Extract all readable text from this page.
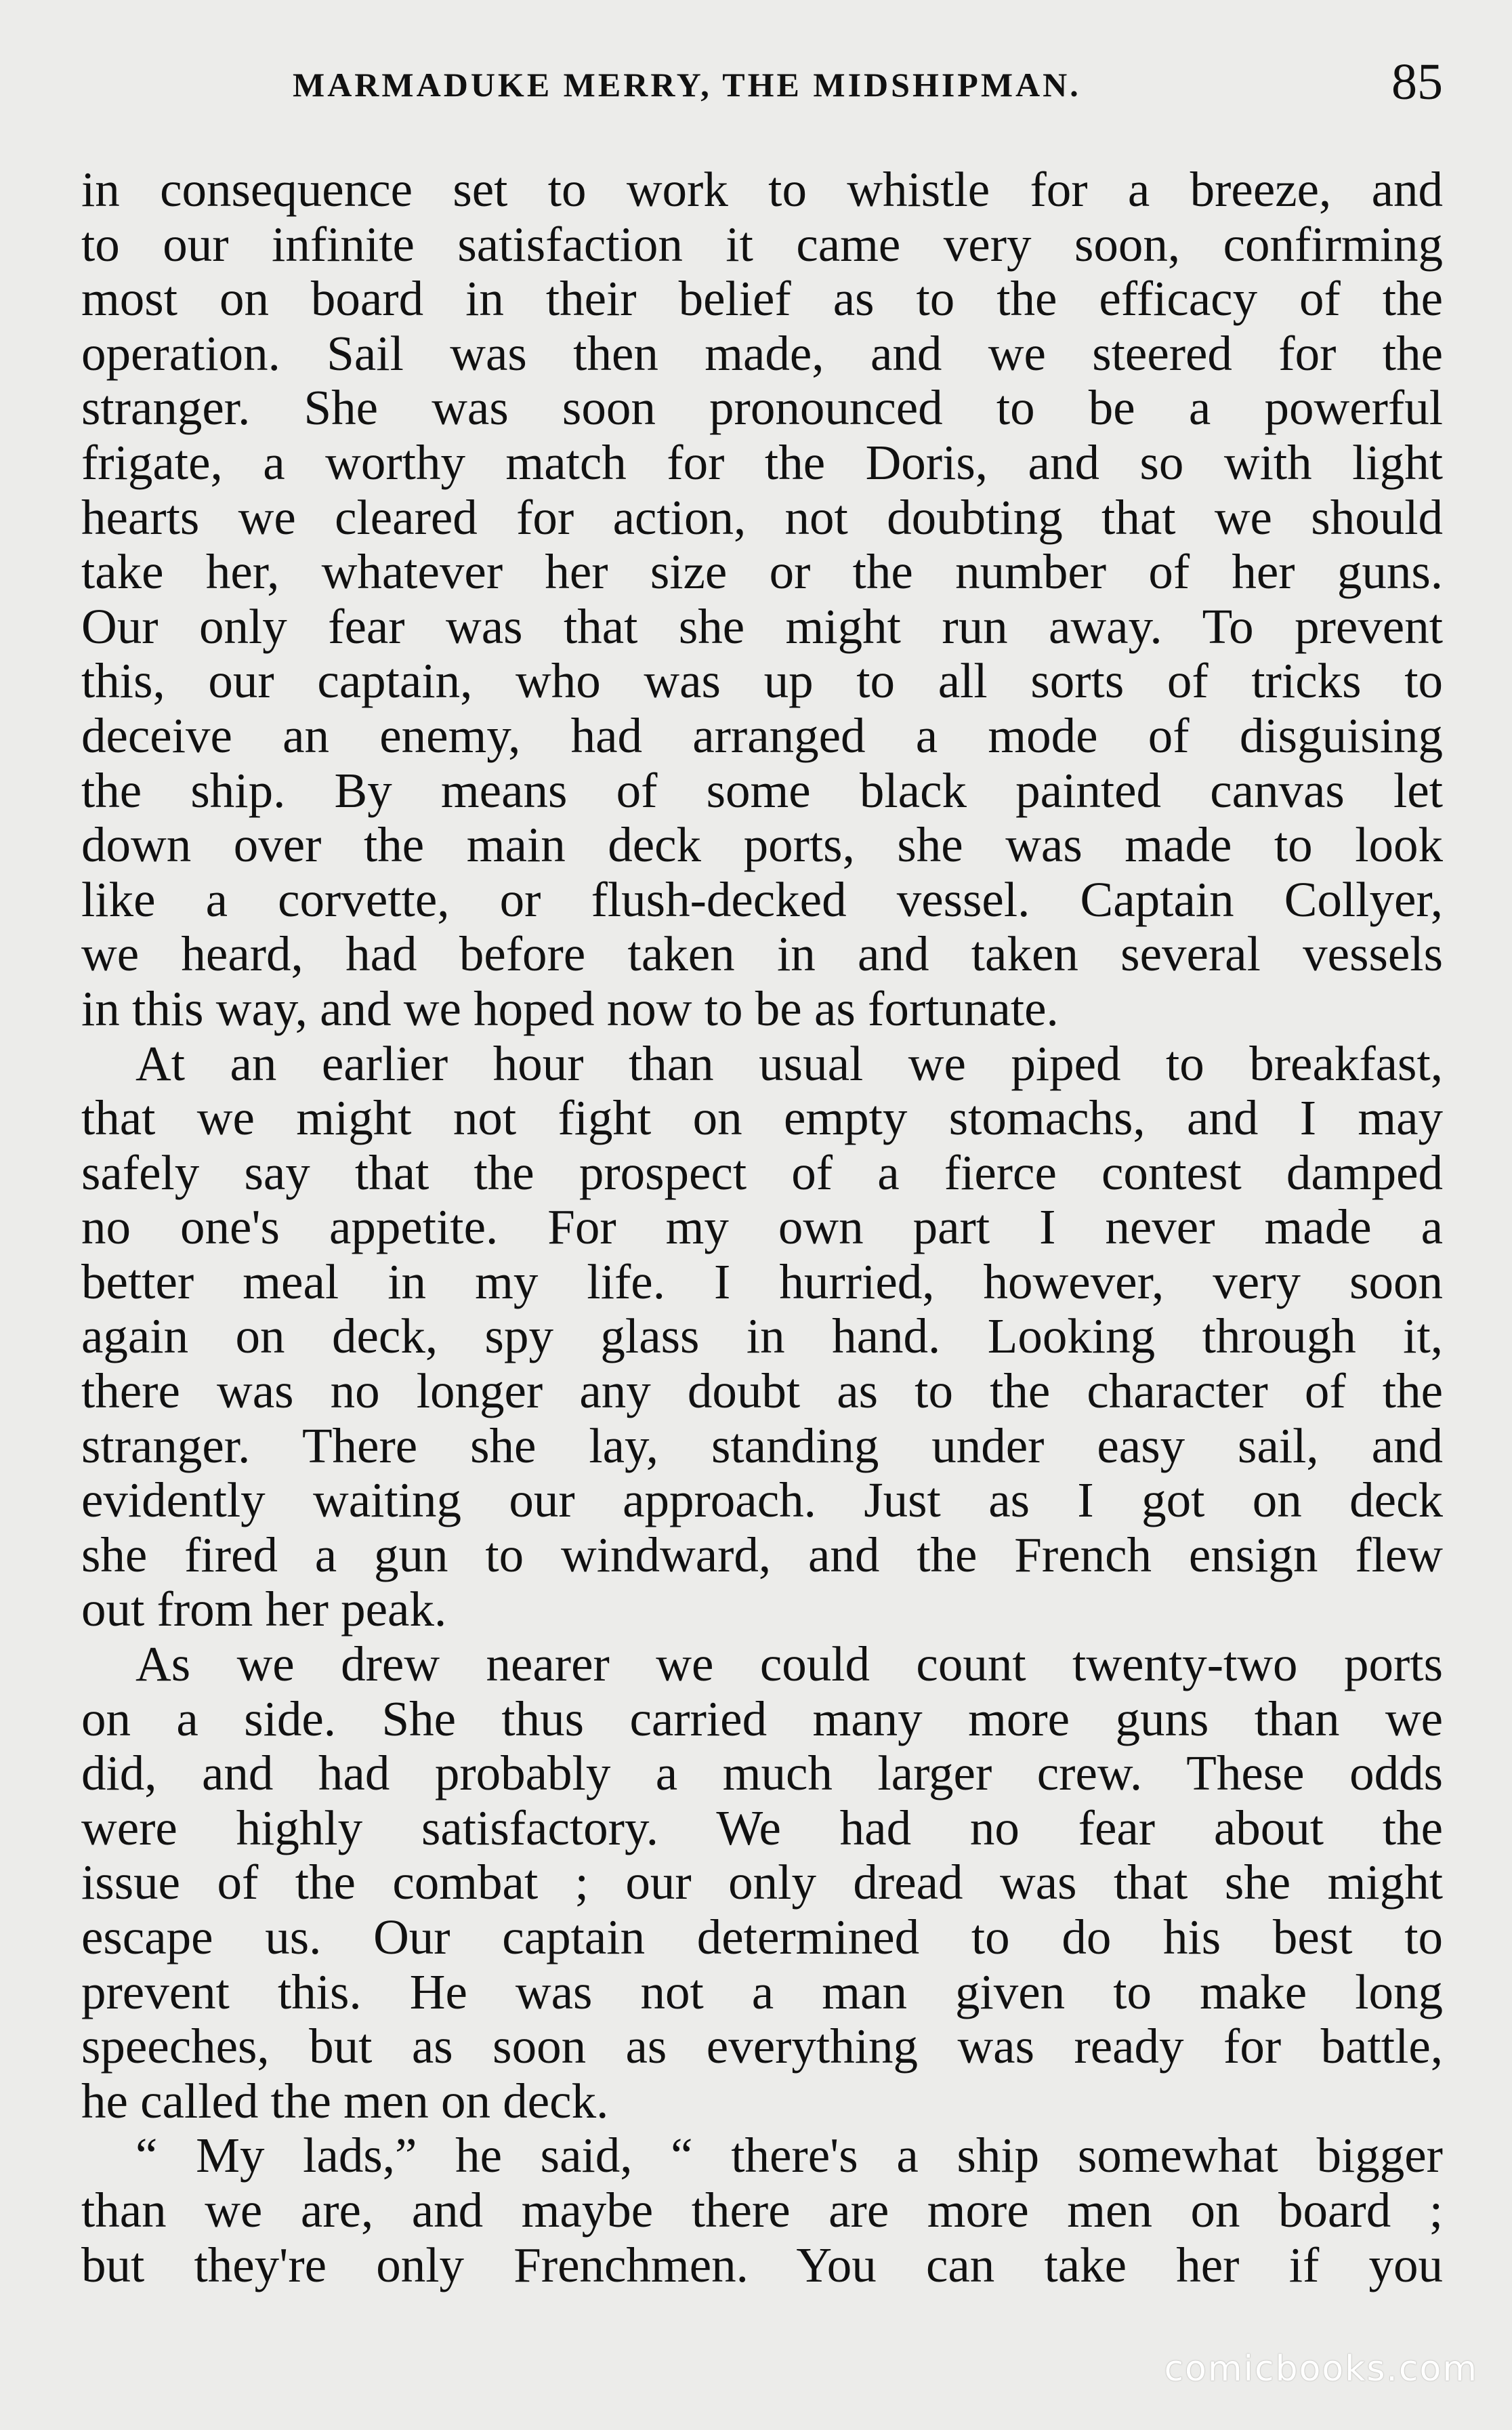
MARMADUKE MERRY, THE MIDSHIPMAN.	85
in consequence set to work to whistle for a breeze, and
to our infinite satisfaction it came very soon, confirming
most on board in their belief as to the efficacy of the
operation. Sail was then made, and we steered for the
stranger. She was soon pronounced to be a powerful
frigate, a worthy match for the Doris, and so with light
hearts we cleared for action, not doubting that we should
take her, whatever her size or the number of her guns.
Our only fear was that she might run away. To prevent
this, our captain, who was up to all sorts of tricks to
deceive an enemy, had arranged a mode of disguising
the ship. By means of some black painted canvas let
down over the main deck ports, she was made to look
like a corvette, or flush-decked vessel. Captain Collyer,
we heard, had before taken in and taken several vessels
in this way, and we hoped now to be as fortunate.
At an earlier hour than usual we piped to breakfast,
that we might not fight on empty stomachs, and I may
safely say that the prospect of a fierce contest damped
no one's appetite. For my own part I never made a
better meal in my life. I hurried, however, very soon
again on deck, spy glass in hand. Looking through it,
there was no longer any doubt as to the character of the
stranger. There she lay, standing under easy sail, and
evidently waiting our approach. Just as I got on deck
she fired a gun to windward, and the French ensign flew
out from her peak.
As we drew nearer we could count twenty-two ports
on a side. She thus carried many more guns than we
did, and had probably a much larger crew. These odds
were highly satisfactory. We had no fear about the
issue of the combat ; our only dread was that she might
escape us. Our captain determined to do his best to
prevent this. He was not a man given to make long
speeches, but as soon as everything was ready for battle,
he called the men on deck.
“ My lads,” he said, “ there's a ship somewhat bigger
than we are, and maybe there are more men on board ;
but they're only Frenchmen. You can take her if you
comicbooks.com
